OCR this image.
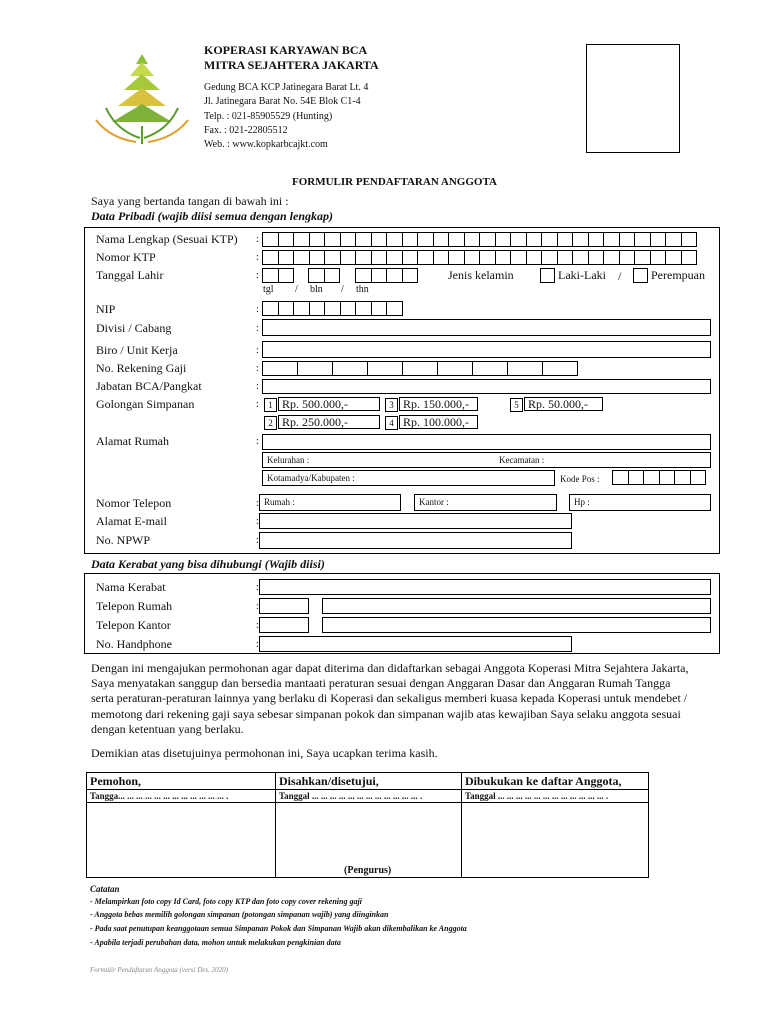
KOPERASI KARYAWAN BCA
MITRA SEJAHTERA JAKARTA
Gedung BCA KCP Jatinegara Barat Lt. 4
Jl. Jatinegara Barat No. 54E Blok C1-4
Telp. : 021-85905529 (Hunting)
Fax. : 021-22805512
Web. : www.kopkarbcajkt.com
FORMULIR PENDAFTARAN ANGGOTA
Saya yang bertanda tangan di bawah ini :
Data Pribadi (wajib diisi semua dengan lengkap)
Nama Lengkap (Sesuai KTP) :
Nomor KTP	:
Tanggal Lahir	:
tgl / bln / thn
Jenis kelamin	Laki-Laki / Perempuan
NIP	:
Divisi / Cabang	:
Biro / Unit Kerja	:
No. Rekening Gaji	:
Jabatan BCA/Pangkat	:
Golongan Simpanan	:	1 Rp. 500.000,-	3 Rp. 150.000,-	5 Rp. 50.000,-
2 Rp. 250.000,-	4 Rp. 100.000,-
Alamat Rumah	:
Kelurahan :	Kecamatan :
Kotamadya/Kabupaten :	Kode Pos :
Nomor Telepon	: Rumah :	Kantor :	Hp :
Alamat E-mail	:
No. NPWP	:
Data Kerabat yang bisa dihubungi (Wajib diisi)
Nama Kerabat	:
Telepon Rumah	:
Telepon Kantor	:
No. Handphone	:
Dengan ini mengajukan permohonan agar dapat diterima dan didaftarkan sebagai Anggota Koperasi Mitra Sejahtera Jakarta,
Saya menyatakan sanggup dan bersedia mantaati peraturan sesuai dengan Anggaran Dasar dan Anggaran Rumah Tangga
serta peraturan-peraturan lainnya yang berlaku di Koperasi dan sekaligus memberi kuasa kepada Koperasi untuk mendebet /
memotong dari rekening gaji saya sebesar simpanan pokok dan simpanan wajib atas kewajiban Saya selaku anggota sesuai
dengan ketentuan yang berlaku.
Demikian atas disetujuinya permohonan ini, Saya ucapkan terima kasih.
Pemohon,	Disahkan/disetujui,	Dibukukan ke daftar Anggota,
Tangga... ... ... ... ... ... ... ... ... ... ... ... .	Tanggal ... ... ... ... ... ... ... ... ... ... ... ... .	Tanggal ... ... ... ... ... ... ... ... ... ... ... ... .
(Pengurus)
Catatan
- Melampirkan foto copy Id Card, foto copy KTP dan foto copy cover rekening gaji
- Anggota bebas memilih golongan simpanan (potongan simpanan wajib) yang diinginkan
- Pada saat penutupan keanggotaan semua Simpanan Pokok dan Simpanan Wajib akan dikembalikan ke Anggota
- Apabila terjadi perubahan data, mohon untuk melakukan pengkinian data
Formulir Pendaftaran Anggota (versi Des. 2020)
